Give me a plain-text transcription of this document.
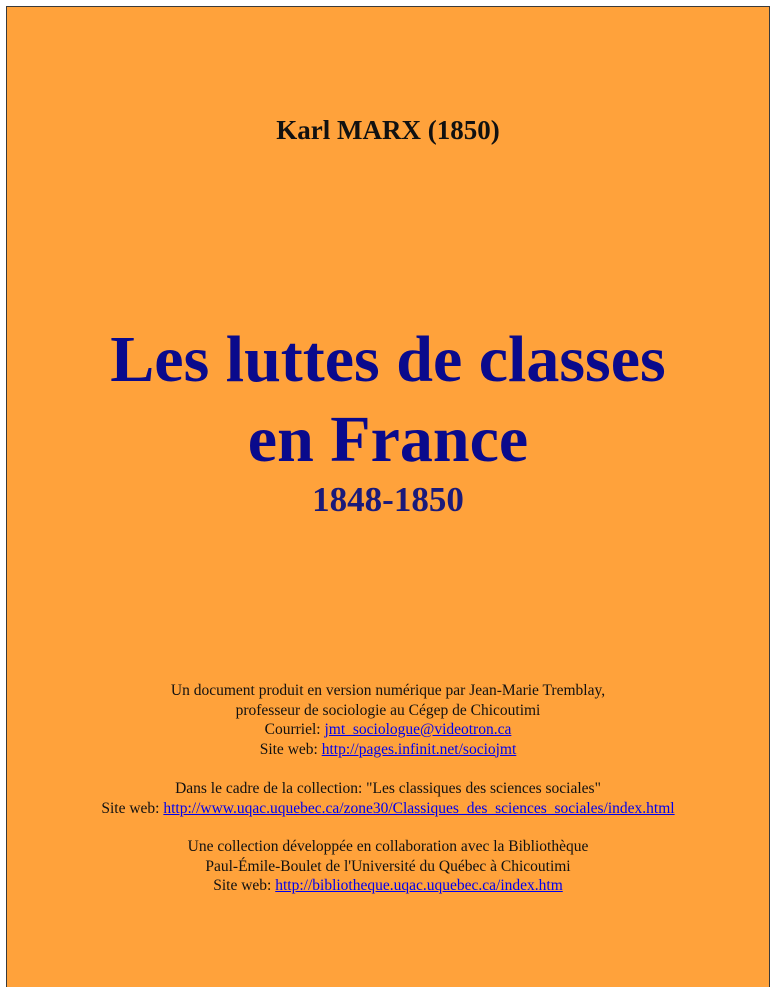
Karl MARX (1850)
Les luttes de classes
en France
1848-1850
Un document produit en version numérique par Jean-Marie Tremblay,
professeur de sociologie au Cégep de Chicoutimi
Courriel: jmt_sociologue@videotron.ca
Site web: http://pages.infinit.net/sociojmt
Dans le cadre de la collection: "Les classiques des sciences sociales"
Site web: http://www.uqac.uquebec.ca/zone30/Classiques_des_sciences_sociales/index.html
Une collection développée en collaboration avec la Bibliothèque
Paul-Émile-Boulet de l'Université du Québec à Chicoutimi
Site web: http://bibliotheque.uqac.uquebec.ca/index.htm
